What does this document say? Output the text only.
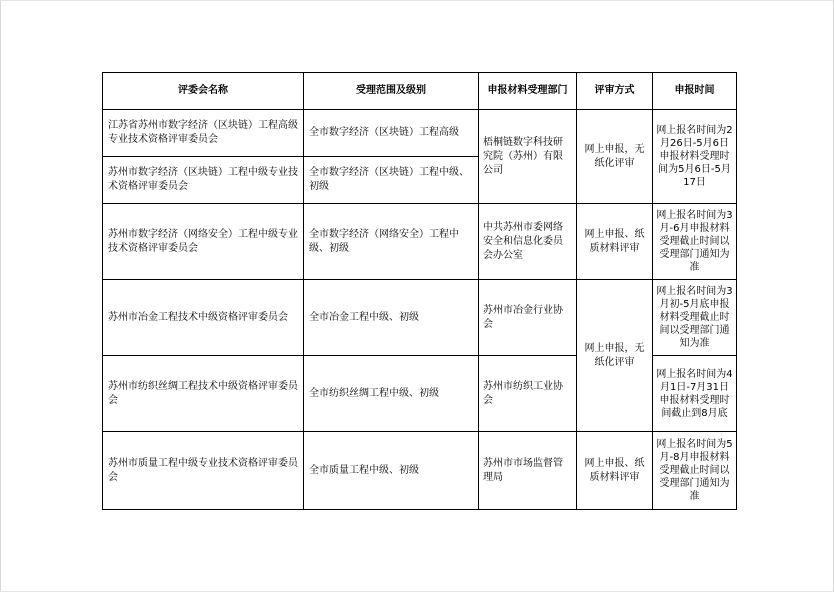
评委会名称	受理范围及级别	申报材料受理部门	评审方式	申报时间
江苏省苏州市数字经济（区块链）工程高级专业技术资格评审委员会	全市数字经济（区块链）工程高级	梧桐链数字科技研究院（苏州）有限公司	网上申报，无纸化评审	网上报名时间为2月26日-5月6日申报材料受理时间为5月6日-5月17日
苏州市数字经济（区块链）工程中级专业技术资格评审委员会	全市数字经济（区块链）工程中级、初级			
苏州市数字经济（网络安全）工程中级专业技术资格评审委员会	全市数字经济（网络安全）工程中级、初级	中共苏州市委网络安全和信息化委员会办公室	网上申报、纸质材料评审	网上报名时间为3月-6月申报材料受理截止时间以受理部门通知为准
苏州市冶金工程技术中级资格评审委员会	全市冶金工程中级、初级	苏州市冶金行业协会	网上申报，无纸化评审	网上报名时间为3月初-5月底申报材料受理截止时间以受理部门通知为准
苏州市纺织丝绸工程技术中级资格评审委员会	全市纺织丝绸工程中级、初级	苏州市纺织工业协会		网上报名时间为4月1日-7月31日申报材料受理时间截止到8月底
苏州市质量工程中级专业技术资格评审委员会	全市质量工程中级、初级	苏州市市场监督管理局	网上申报、纸质材料评审	网上报名时间为5月-8月申报材料受理截止时间以受理部门通知为准
